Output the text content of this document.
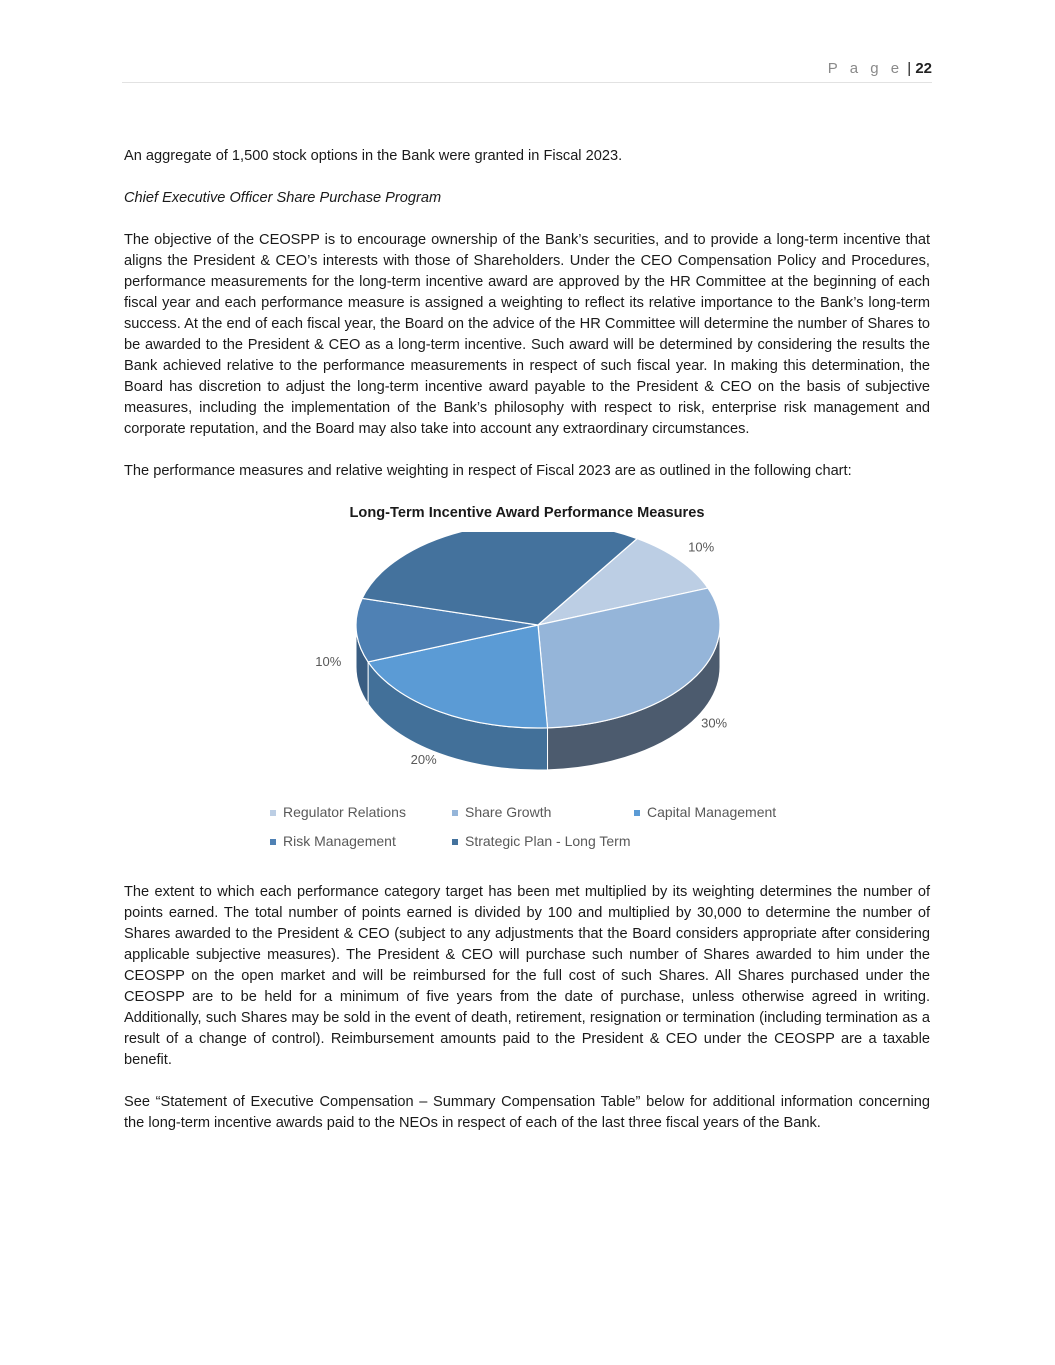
P a g e | 22

An aggregate of 1,500 stock options in the Bank were granted in Fiscal 2023.

Chief Executive Officer Share Purchase Program

The objective of the CEOSPP is to encourage ownership of the Bank’s securities, and to provide a long-term incentive that aligns the President & CEO’s interests with those of Shareholders. Under the CEO Compensation Policy and Procedures, performance measurements for the long-term incentive award are approved by the HR Committee at the beginning of each fiscal year and each performance measure is assigned a weighting to reflect its relative importance to the Bank’s long-term success. At the end of each fiscal year, the Board on the advice of the HR Committee will determine the number of Shares to be awarded to the President & CEO as a long-term incentive. Such award will be determined by considering the results the Bank achieved relative to the performance measurements in respect of such fiscal year. In making this determination, the Board has discretion to adjust the long-term incentive award payable to the President & CEO on the basis of subjective measures, including the implementation of the Bank’s philosophy with respect to risk, enterprise risk management and corporate reputation, and the Board may also take into account any extraordinary circumstances.

The performance measures and relative weighting in respect of Fiscal 2023 are as outlined in the following chart:

Long-Term Incentive Award Performance Measures
10%
30%
20%
10%
Regulator Relations	Share Growth	Capital Management
Risk Management	Strategic Plan - Long Term

The extent to which each performance category target has been met multiplied by its weighting determines the number of points earned. The total number of points earned is divided by 100 and multiplied by 30,000 to determine the number of Shares awarded to the President & CEO (subject to any adjustments that the Board considers appropriate after considering applicable subjective measures). The President & CEO will purchase such number of Shares awarded to him under the CEOSPP on the open market and will be reimbursed for the full cost of such Shares. All Shares purchased under the CEOSPP are to be held for a minimum of five years from the date of purchase, unless otherwise agreed in writing. Additionally, such Shares may be sold in the event of death, retirement, resignation or termination (including termination as a result of a change of control). Reimbursement amounts paid to the President & CEO under the CEOSPP are a taxable benefit.

See “Statement of Executive Compensation – Summary Compensation Table” below for additional information concerning the long-term incentive awards paid to the NEOs in respect of each of the last three fiscal years of the Bank.
